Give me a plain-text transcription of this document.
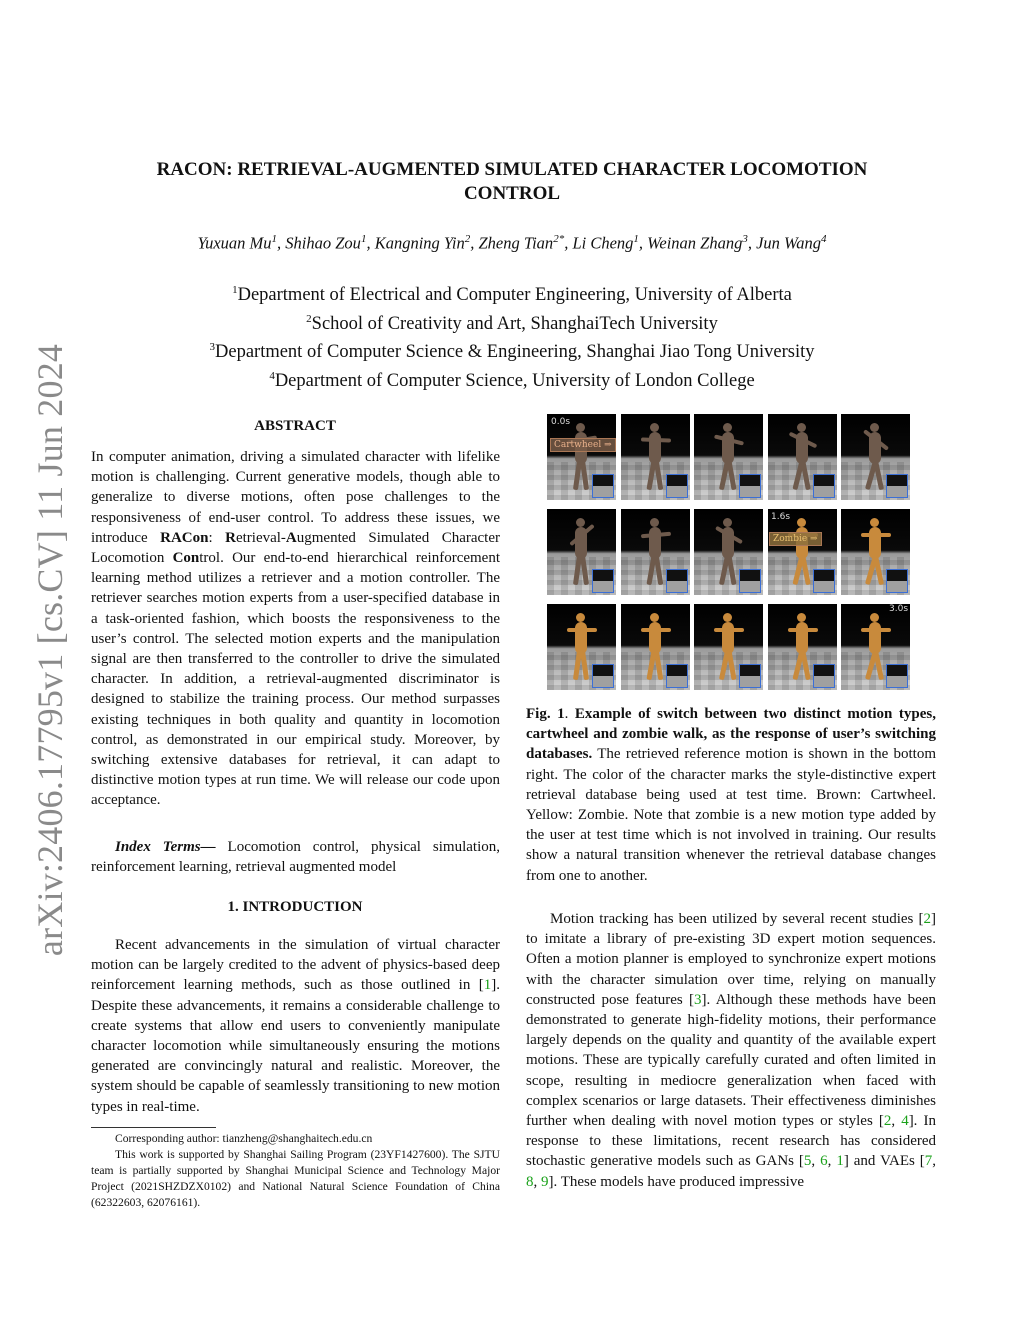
arXiv:2406.17795v1 [cs.CV] 11 Jun 2024
RACON: RETRIEVAL-AUGMENTED SIMULATED CHARACTER LOCOMOTION
CONTROL
Yuxuan Mu$^1$, Shihao Zou$^1$, Kangning Yin$^2$, Zheng Tian$^{2*}$, Li Cheng$^1$, Weinan Zhang$^3$, Jun Wang$^4$
$^1$Department of Electrical and Computer Engineering, University of Alberta
$^2$School of Creativity and Art, ShanghaiTech University
$^3$Department of Computer Science & Engineering, Shanghai Jiao Tong University
$^4$Department of Computer Science, University of London College
ABSTRACT
In computer animation, driving a simulated character with lifelike motion is challenging. Current generative models, though able to generalize to diverse motions, often pose challenges to the responsiveness of end-user control. To address these issues, we introduce RACon: Retrieval-Augmented Simulated Character Locomotion Control. Our end-to-end hierarchical reinforcement learning method utilizes a retriever and a motion controller. The retriever searches motion experts from a user-specified database in a task-oriented fashion, which boosts the responsiveness to the user’s control. The selected motion experts and the manipulation signal are then transferred to the controller to drive the simulated character. In addition, a retrieval-augmented discriminator is designed to stabilize the training process. Our method surpasses existing techniques in both quality and quantity in locomotion control, as demonstrated in our empirical study. Moreover, by switching extensive databases for retrieval, it can adapt to distinctive motion types at run time. We will release our code upon acceptance.
Index Terms— Locomotion control, physical simulation, reinforcement learning, retrieval augmented model
1. INTRODUCTION
Recent advancements in the simulation of virtual character motion can be largely credited to the advent of physics-based deep reinforcement learning methods, such as those outlined in [1]. Despite these advancements, it remains a considerable challenge to create systems that allow end users to conveniently manipulate character locomotion while simultaneously ensuring the motions generated are convincingly natural and realistic. Moreover, the system should be capable of seamlessly transitioning to new motion types in real-time.

Corresponding author: tianzheng@shanghaitech.edu.cn

This work is supported by Shanghai Sailing Program (23YF1427600). The SJTU team is partially supported by Shanghai Municipal Science and Technology Major Project (2021SHZDZX0102) and National Natural Science Foundation of China (62322603, 62076161).

0.0s
1.6s
3.0s
Cartwheel ⇒
Zombie ⇒
Fig. 1. Example of switch between two distinct motion types, cartwheel and zombie walk, as the response of user’s switching databases. The retrieved reference motion is shown in the bottom right. The color of the character marks the style-distinctive expert retrieval database being used at test time. Brown: Cartwheel. Yellow: Zombie. Note that zombie is a new motion type added by the user at test time which is not involved in training. Our results show a natural transition whenever the retrieval database changes from one to another.
Motion tracking has been utilized by several recent studies [2] to imitate a library of pre-existing 3D expert motion sequences. Often a motion planner is employed to synchronize expert motions with the character simulation over time, relying on manually constructed pose features [3]. Although these methods have been demonstrated to generate high-fidelity motions, their performance largely depends on the quality and quantity of the available expert motions. These are typically carefully curated and often limited in scope, resulting in mediocre generalization when faced with complex scenarios or large datasets. Their effectiveness diminishes further when dealing with novel motion types or styles [2, 4]. In response to these limitations, recent research has considered stochastic generative models such as GANs [5, 6, 1] and VAEs [7, 8, 9]. These models have produced impressive
